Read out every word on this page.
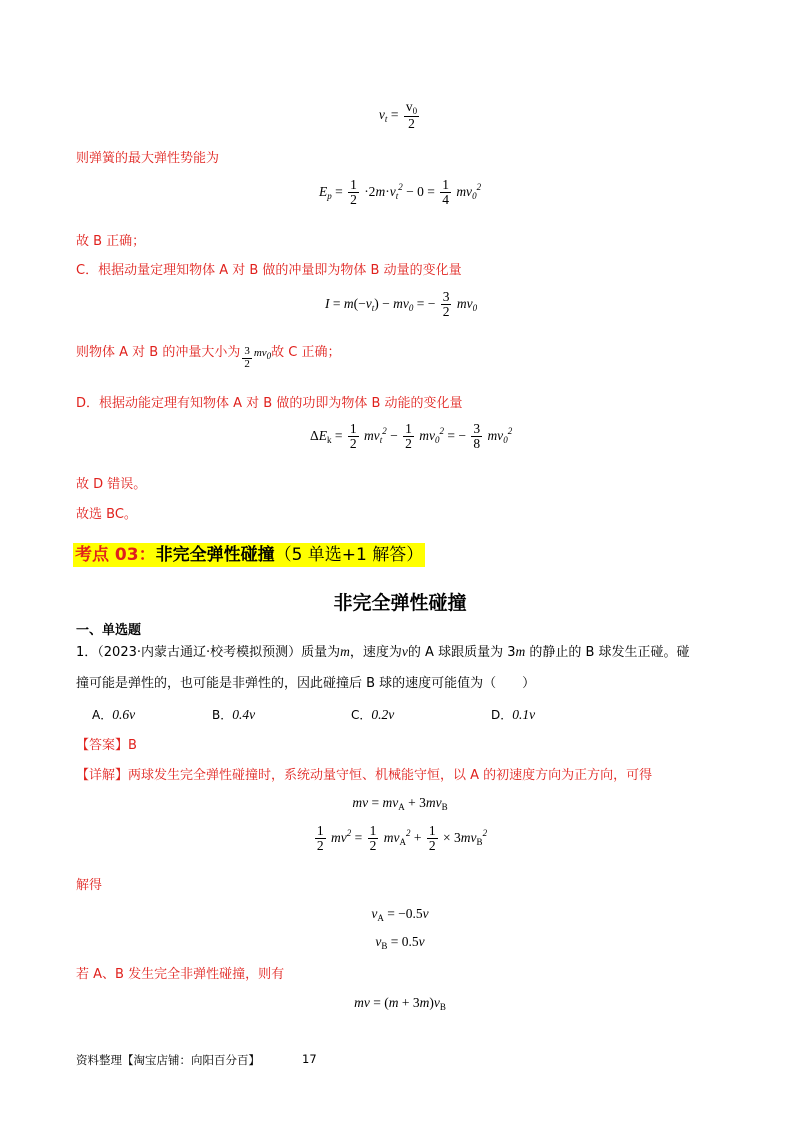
$v_t = \frac{v_0}{2}$
则弹簧的最大弹性势能为
$E_p = \frac{1}{2} \cdot 2m\cdot v_t^2 - 0 = \frac{1}{4} mv_0^2$
故 B 正确；
C．根据动量定理知物体 A 对 B 做的冲量即为物体 B 动量的变化量
$I = m(-v_t) - mv_0$ = − $\frac{3}{2} mv_0$
则物体 A 对 B 的冲量大小为 $\frac{3}{2} mv_0$故 C 正确；
D．根据动能定理有知物体 A 对 B 做的功即为物体 B 动能的变化量
$\Delta E_k = \frac{1}{2} mv_t^2 - \frac{1}{2} mv_0^2$ = − $\frac{3}{8} mv_0^2$
故 D 错误。
故选 BC。
考点 03：非完全弹性碰撞（5 单选+1 解答）
非完全弹性碰撞
一、单选题
1．（2023·内蒙古通辽·校考模拟预测）质量为m，速度为v的 A 球跟质量为 3m 的静止的 B 球发生正碰。碰
撞可能是弹性的，也可能是非弹性的，因此碰撞后 B 球的速度可能值为（　　）
A．0.6v	B．0.4v	C．0.2v	D．0.1v
【答案】B
【详解】两球发生完全弹性碰撞时，系统动量守恒、机械能守恒，以 A 的初速度方向为正方向，可得
mv = $mv_A + 3mv_B$
$\frac{1}{2} mv^2 = \frac{1}{2} mv_A^2 + \frac{1}{2} \times 3mv_B^2$
解得
$v_A = -0.5v$
$v_B = 0.5v$
若 A、B 发生完全非弹性碰撞，则有
mv = $(m + 3m)v_B$
资料整理【淘宝店铺：向阳百分百】	17
